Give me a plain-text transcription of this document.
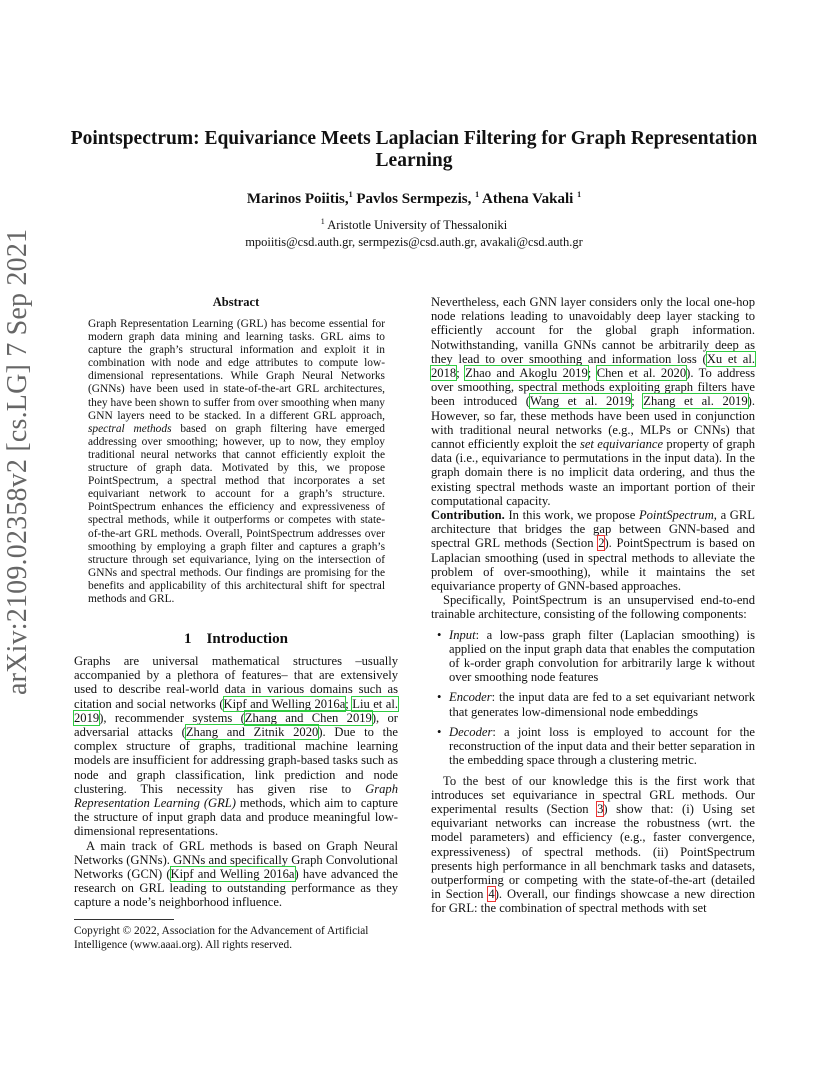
Pointspectrum: Equivariance Meets Laplacian Filtering for Graph Representation Learning
Marinos Poiitis,$^1$ Pavlos Sermpezis, $^1$ Athena Vakali $^1$
$^1$ Aristotle University of Thessaloniki
mpoiitis@csd.auth.gr, sermpezis@csd.auth.gr, avakali@csd.auth.gr
arXiv:2109.02358v2 [cs.LG] 7 Sep 2021	Abstract
Graph Representation Learning (GRL) has become essential for modern graph data mining and learning tasks. GRL aims to capture the graph’s structural information and exploit it in combination with node and edge attributes to compute low-dimensional representations. While Graph Neural Networks (GNNs) have been used in state-of-the-art GRL architectures, they have been shown to suffer from over smoothing when many GNN layers need to be stacked. In a different GRL approach, spectral methods based on graph filtering have emerged addressing over smoothing; however, up to now, they employ traditional neural networks that cannot efficiently exploit the structure of graph data. Motivated by this, we propose PointSpectrum, a spectral method that incorporates a set equivariant network to account for a graph’s structure. PointSpectrum enhances the efficiency and expressiveness of spectral methods, while it outperforms or competes with state-of-the-art GRL methods. Overall, PointSpectrum addresses over smoothing by employing a graph filter and captures a graph’s structure through set equivariance, lying on the intersection of GNNs and spectral methods. Our findings are promising for the benefits and applicability of this architectural shift for spectral methods and GRL.
1 Introduction

Graphs are universal mathematical structures –usually accompanied by a plethora of features– that are extensively used to describe real-world data in various domains such as citation and social networks (Kipf and Welling 2016a; Liu et al. 2019), recommender systems (Zhang and Chen 2019), or adversarial attacks (Zhang and Zitnik 2020). Due to the complex structure of graphs, traditional machine learning models are insufficient for addressing graph-based tasks such as node and graph classification, link prediction and node clustering. This necessity has given rise to Graph Representation Learning (GRL) methods, which aim to capture the structure of input graph data and produce meaningful low-dimensional representations.

A main track of GRL methods is based on Graph Neural Networks (GNNs). GNNs and specifically Graph Convolutional Networks (GCN) (Kipf and Welling 2016a) have advanced the research on GRL leading to outstanding performance as they capture a node’s neighborhood influence.

Copyright © 2022, Association for the Advancement of Artificial Intelligence (www.aaai.org). All rights reserved.

Nevertheless, each GNN layer considers only the local one-hop node relations leading to unavoidably deep layer stacking to efficiently account for the global graph information. Notwithstanding, vanilla GNNs cannot be arbitrarily deep as they lead to over smoothing and information loss (Xu et al. 2018; Zhao and Akoglu 2019; Chen et al. 2020). To address over smoothing, spectral methods exploiting graph filters have been introduced (Wang et al. 2019; Zhang et al. 2019). However, so far, these methods have been used in conjunction with traditional neural networks (e.g., MLPs or CNNs) that cannot efficiently exploit the set equivariance property of graph data (i.e., equivariance to permutations in the input data). In the graph domain there is no implicit data ordering, and thus the existing spectral methods waste an important portion of their computational capacity.

Contribution. In this work, we propose PointSpectrum, a GRL architecture that bridges the gap between GNN-based and spectral GRL methods (Section 2). PointSpectrum is based on Laplacian smoothing (used in spectral methods to alleviate the problem of over-smoothing), while it maintains the set equivariance property of GNN-based approaches.

Specifically, PointSpectrum is an unsupervised end-to-end trainable architecture, consisting of the following components:

• Input: a low-pass graph filter (Laplacian smoothing) is applied on the input graph data that enables the computation of k-order graph convolution for arbitrarily large k without over smoothing node features
• Encoder: the input data are fed to a set equivariant network that generates low-dimensional node embeddings
• Decoder: a joint loss is employed to account for the reconstruction of the input data and their better separation in the embedding space through a clustering metric.

To the best of our knowledge this is the first work that introduces set equivariance in spectral GRL methods. Our experimental results (Section 3) show that: (i) Using set equivariant networks can increase the robustness (wrt. the model parameters) and efficiency (e.g., faster convergence, expressiveness) of spectral methods. (ii) PointSpectrum presents high performance in all benchmark tasks and datasets, outperforming or competing with the state-of-the-art (detailed in Section 4). Overall, our findings showcase a new direction for GRL: the combination of spectral methods with set
